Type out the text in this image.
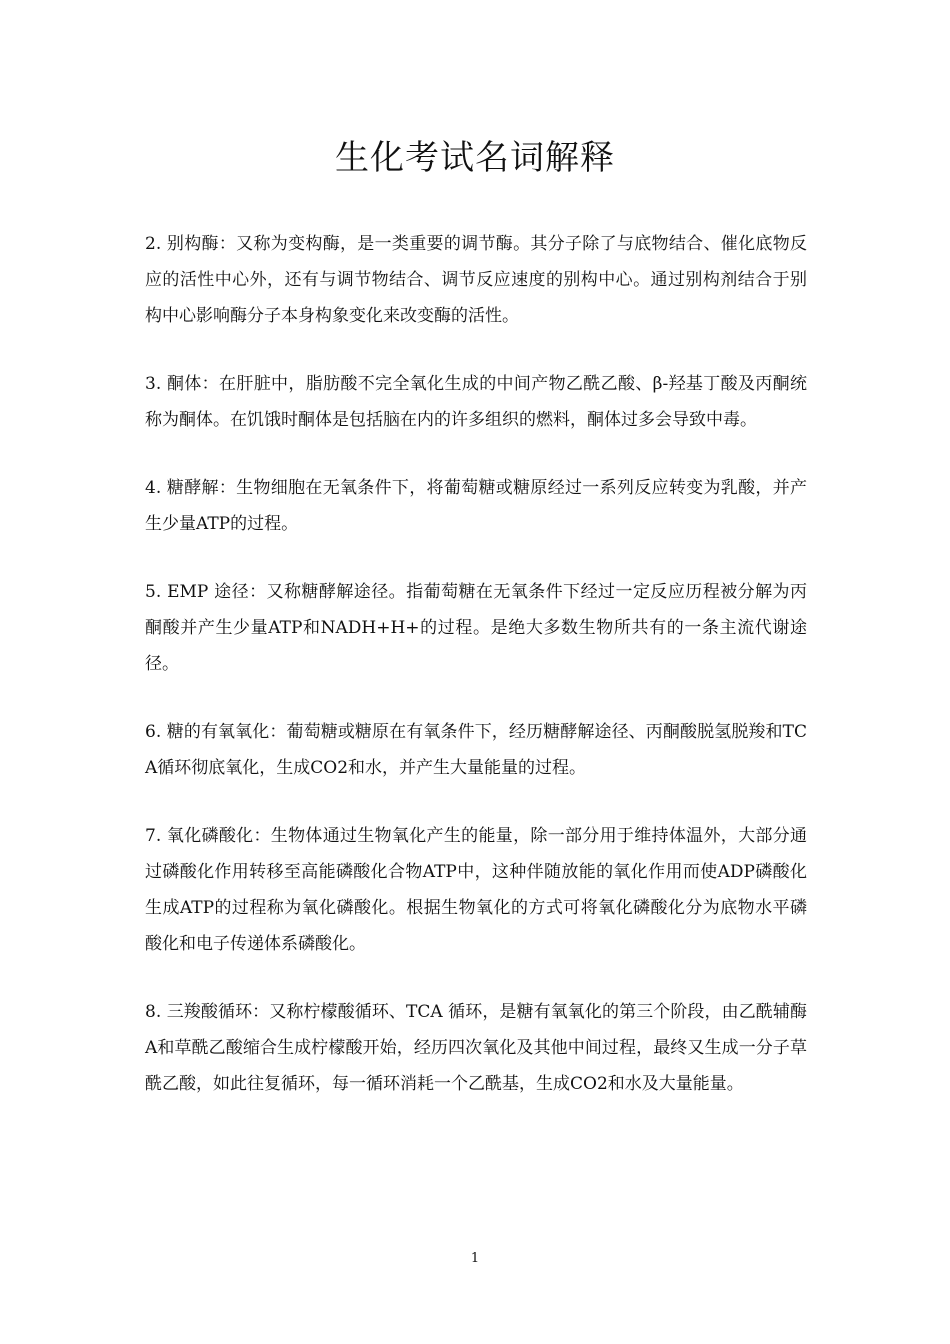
生化考试名词解释

2. 别构酶：又称为变构酶，是一类重要的调节酶。其分子除了与底物结合、催化底物反应的活性中心外，还有与调节物结合、调节反应速度的别构中心。通过别构剂结合于别构中心影响酶分子本身构象变化来改变酶的活性。

3. 酮体：在肝脏中，脂肪酸不完全氧化生成的中间产物乙酰乙酸、β-羟基丁酸及丙酮统称为酮体。在饥饿时酮体是包括脑在内的许多组织的燃料，酮体过多会导致中毒。

4. 糖酵解：生物细胞在无氧条件下，将葡萄糖或糖原经过一系列反应转变为乳酸，并产生少量ATP的过程。

5. EMP 途径：又称糖酵解途径。指葡萄糖在无氧条件下经过一定反应历程被分解为丙酮酸并产生少量ATP和NADH+H+的过程。是绝大多数生物所共有的一条主流代谢途径。

6. 糖的有氧氧化：葡萄糖或糖原在有氧条件下，经历糖酵解途径、丙酮酸脱氢脱羧和TCA循环彻底氧化，生成CO2和水，并产生大量能量的过程。

7. 氧化磷酸化：生物体通过生物氧化产生的能量，除一部分用于维持体温外，大部分通过磷酸化作用转移至高能磷酸化合物ATP中，这种伴随放能的氧化作用而使ADP磷酸化生成ATP的过程称为氧化磷酸化。根据生物氧化的方式可将氧化磷酸化分为底物水平磷酸化和电子传递体系磷酸化。

8. 三羧酸循环：又称柠檬酸循环、TCA 循环，是糖有氧氧化的第三个阶段，由乙酰辅酶A和草酰乙酸缩合生成柠檬酸开始，经历四次氧化及其他中间过程，最终又生成一分子草酰乙酸，如此往复循环，每一循环消耗一个乙酰基，生成CO2和水及大量能量。

1
